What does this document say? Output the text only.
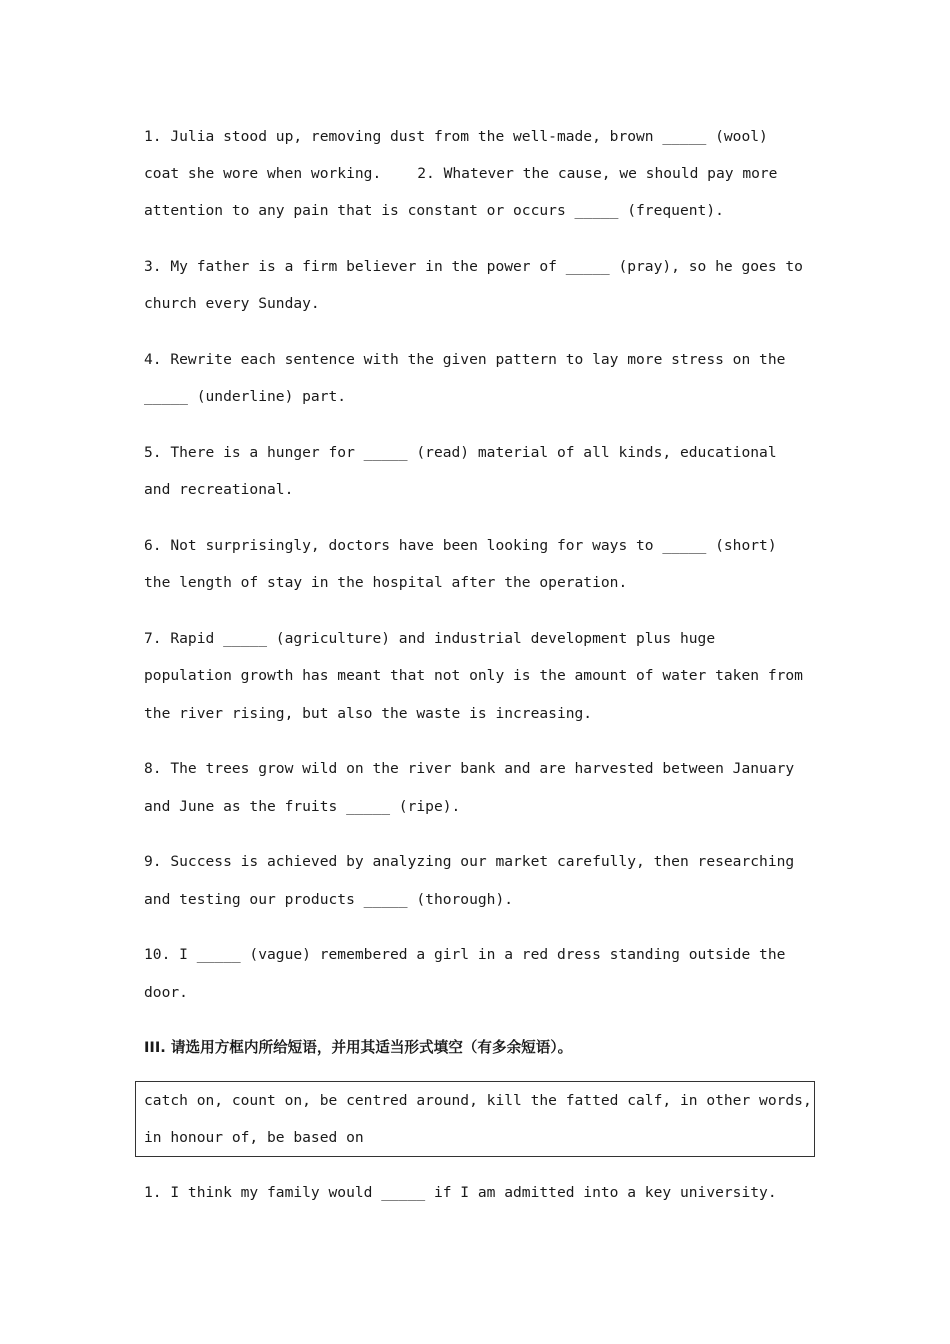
1. Julia stood up, removing dust from the well-made, brown _____ (wool) coat she wore when working. 2. Whatever the cause, we should pay more attention to any pain that is constant or occurs _____ (frequent).

3. My father is a firm believer in the power of _____ (pray), so he goes to church every Sunday.

4. Rewrite each sentence with the given pattern to lay more stress on the _____ (underline) part.

5. There is a hunger for _____ (read) material of all kinds, educational and recreational.

6. Not surprisingly, doctors have been looking for ways to _____ (short) the length of stay in the hospital after the operation.

7. Rapid _____ (agriculture) and industrial development plus huge population growth has meant that not only is the amount of water taken from the river rising, but also the waste is increasing.

8. The trees grow wild on the river bank and are harvested between January and June as the fruits _____ (ripe).

9. Success is achieved by analyzing our market carefully, then researching and testing our products _____ (thorough).

10. I _____ (vague) remembered a girl in a red dress standing outside the door.

III. 请选用方框内所给短语，并用其适当形式填空（有多余短语）。

catch on, count on, be centred around, kill the fatted calf, in other words, in honour of, be based on

1. I think my family would _____ if I am admitted into a key university.
